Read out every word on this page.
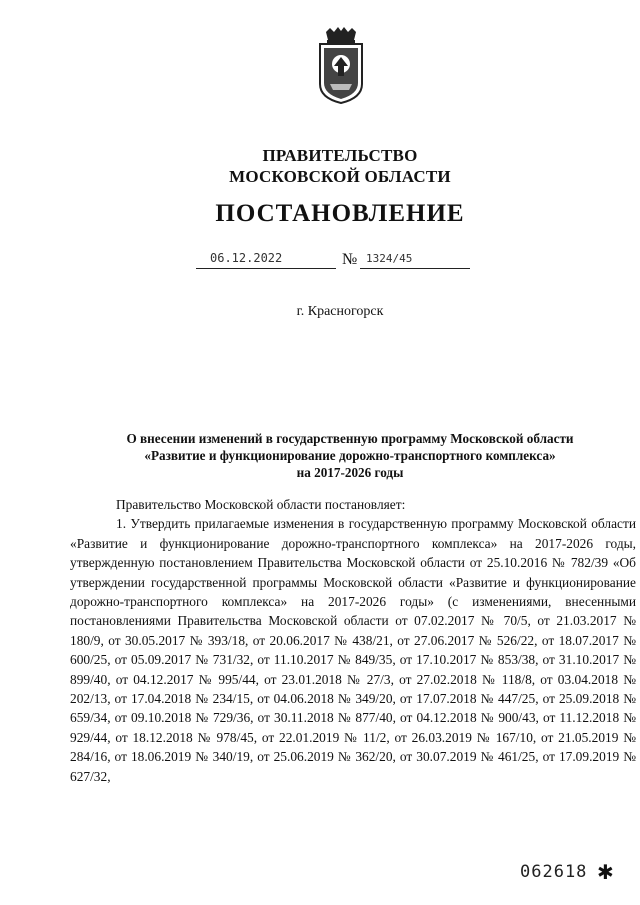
ПРАВИТЕЛЬСТВО
МОСКОВСКОЙ ОБЛАСТИ
ПОСТАНОВЛЕНИЕ
06.12.2022	№ 1324/45
г. Красногорск
О внесении изменений в государственную программу Московской области
«Развитие и функционирование дорожно-транспортного комплекса»
на 2017-2026 годы

Правительство Московской области постановляет:

1. Утвердить прилагаемые изменения в государственную программу Московской области «Развитие и функционирование дорожно-транспортного комплекса» на 2017-2026 годы, утвержденную постановлением Правительства Московской области от 25.10.2016 № 782/39 «Об утверждении государственной программы Московской области «Развитие и функционирование дорожно-транспортного комплекса» на 2017-2026 годы» (с изменениями, внесенными постановлениями Правительства Московской области от 07.02.2017 № 70/5, от 21.03.2017 № 180/9, от 30.05.2017 № 393/18, от 20.06.2017 № 438/21, от 27.06.2017 № 526/22, от 18.07.2017 № 600/25, от 05.09.2017 № 731/32, от 11.10.2017 № 849/35, от 17.10.2017 № 853/38, от 31.10.2017 № 899/40, от 04.12.2017 № 995/44, от 23.01.2018 № 27/3, от 27.02.2018 № 118/8, от 03.04.2018 № 202/13, от 17.04.2018 № 234/15, от 04.06.2018 № 349/20, от 17.07.2018 № 447/25, от 25.09.2018 № 659/34, от 09.10.2018 № 729/36, от 30.11.2018 № 877/40, от 04.12.2018 № 900/43, от 11.12.2018 № 929/44, от 18.12.2018 № 978/45, от 22.01.2019 № 11/2, от 26.03.2019 № 167/10, от 21.05.2019 № 284/16, от 18.06.2019 № 340/19, от 25.06.2019 № 362/20, от 30.07.2019 № 461/25, от 17.09.2019 № 627/32,

062618 ✱
